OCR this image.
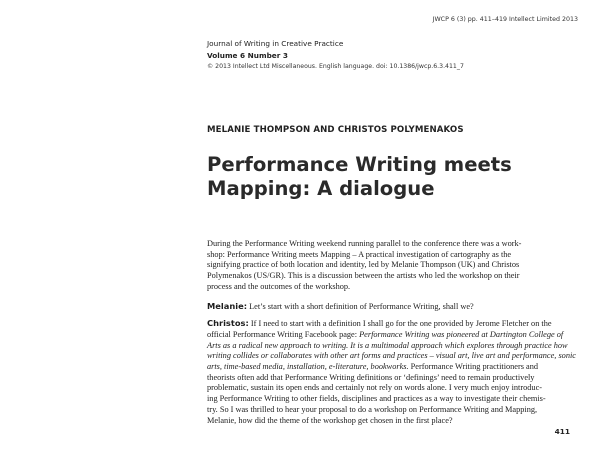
JWCP 6 (3) pp. 411–419 Intellect Limited 2013
Journal of Writing in Creative Practice
Volume 6 Number 3
© 2013 Intellect Ltd Miscellaneous. English language. doi: 10.1386/jwcp.6.3.411_7
MELANIE THOMPSON AND CHRISTOS POLYMENAKOS
Performance Writing meets
Mapping: A dialogue

During the Performance Writing weekend running parallel to the conference there was a work-
shop: Performance Writing meets Mapping – A practical investigation of cartography as the
signifying practice of both location and identity, led by Melanie Thompson (UK) and Christos
Polymenakos (US/GR). This is a discussion between the artists who led the workshop on their
process and the outcomes of the workshop.

Melanie: Let’s start with a short definition of Performance Writing, shall we?

Christos: If I need to start with a definition I shall go for the one provided by Jerome Fletcher on the
official Performance Writing Facebook page: Performance Writing was pioneered at Dartington College of
Arts as a radical new approach to writing. It is a multimodal approach which explores through practice how
writing collides or collaborates with other art forms and practices – visual art, live art and performance, sonic
arts, time-based media, installation, e-literature, bookworks. Performance Writing practitioners and
theorists often add that Performance Writing definitions or ‘definings’ need to remain productively
problematic, sustain its open ends and certainly not rely on words alone. I very much enjoy introduc-
ing Performance Writing to other fields, disciplines and practices as a way to investigate their chemis-
try. So I was thrilled to hear your proposal to do a workshop on Performance Writing and Mapping,
Melanie, how did the theme of the workshop get chosen in the first place?

411
